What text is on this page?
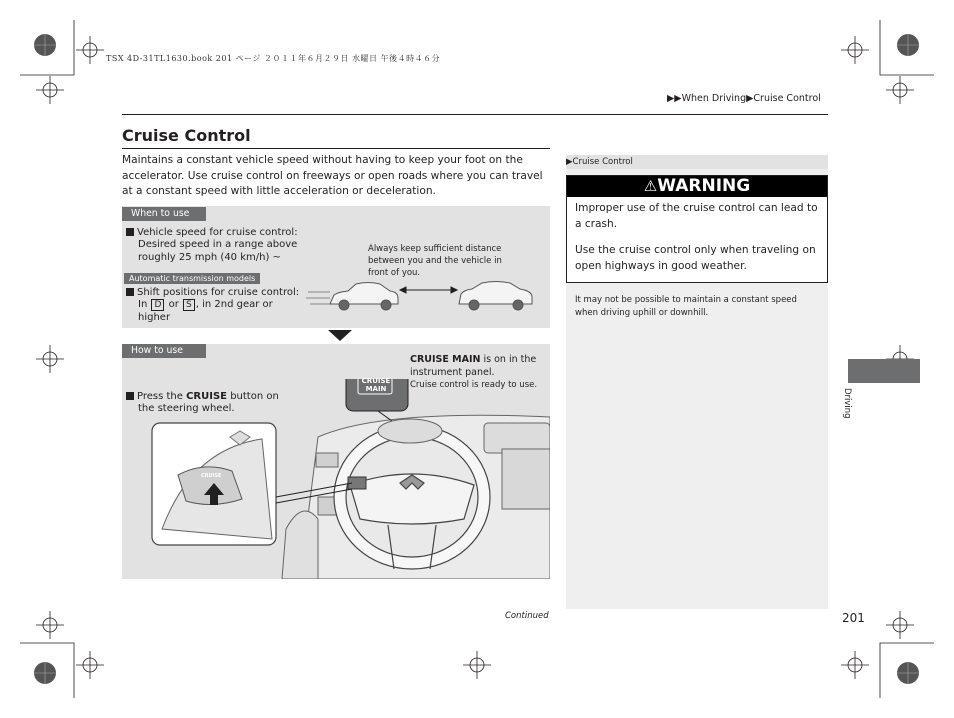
TSX 4D-31TL1630.book 201 ページ ２０１１年６月２９日 水曜日 午後４時４６分
▶▶When Driving▶Cruise Control
Cruise Control
Maintains a constant vehicle speed without having to keep your foot on the accelerator. Use cruise control on freeways or open roads where you can travel at a constant speed with little acceleration or deceleration.
When to use
Vehicle speed for cruise control:
Desired speed in a range above
roughly 25 mph (40 km/h) ~
Automatic transmission models
Shift positions for cruise control:
In D or S , in 2nd gear or
higher
Always keep sufficient distance
between you and the vehicle in
front of you.
How to use
Press the CRUISE button on
the steering wheel.
CRUISE MAIN is on in the
instrument panel.
Cruise control is ready to use.
CRUISE
MAIN
CRUISE
▶Cruise Control
⚠WARNING
Improper use of the cruise control can lead to a crash.
Use the cruise control only when traveling on open highways in good weather.
It may not be possible to maintain a constant speed when driving uphill or downhill.
Driving
Continued	201
